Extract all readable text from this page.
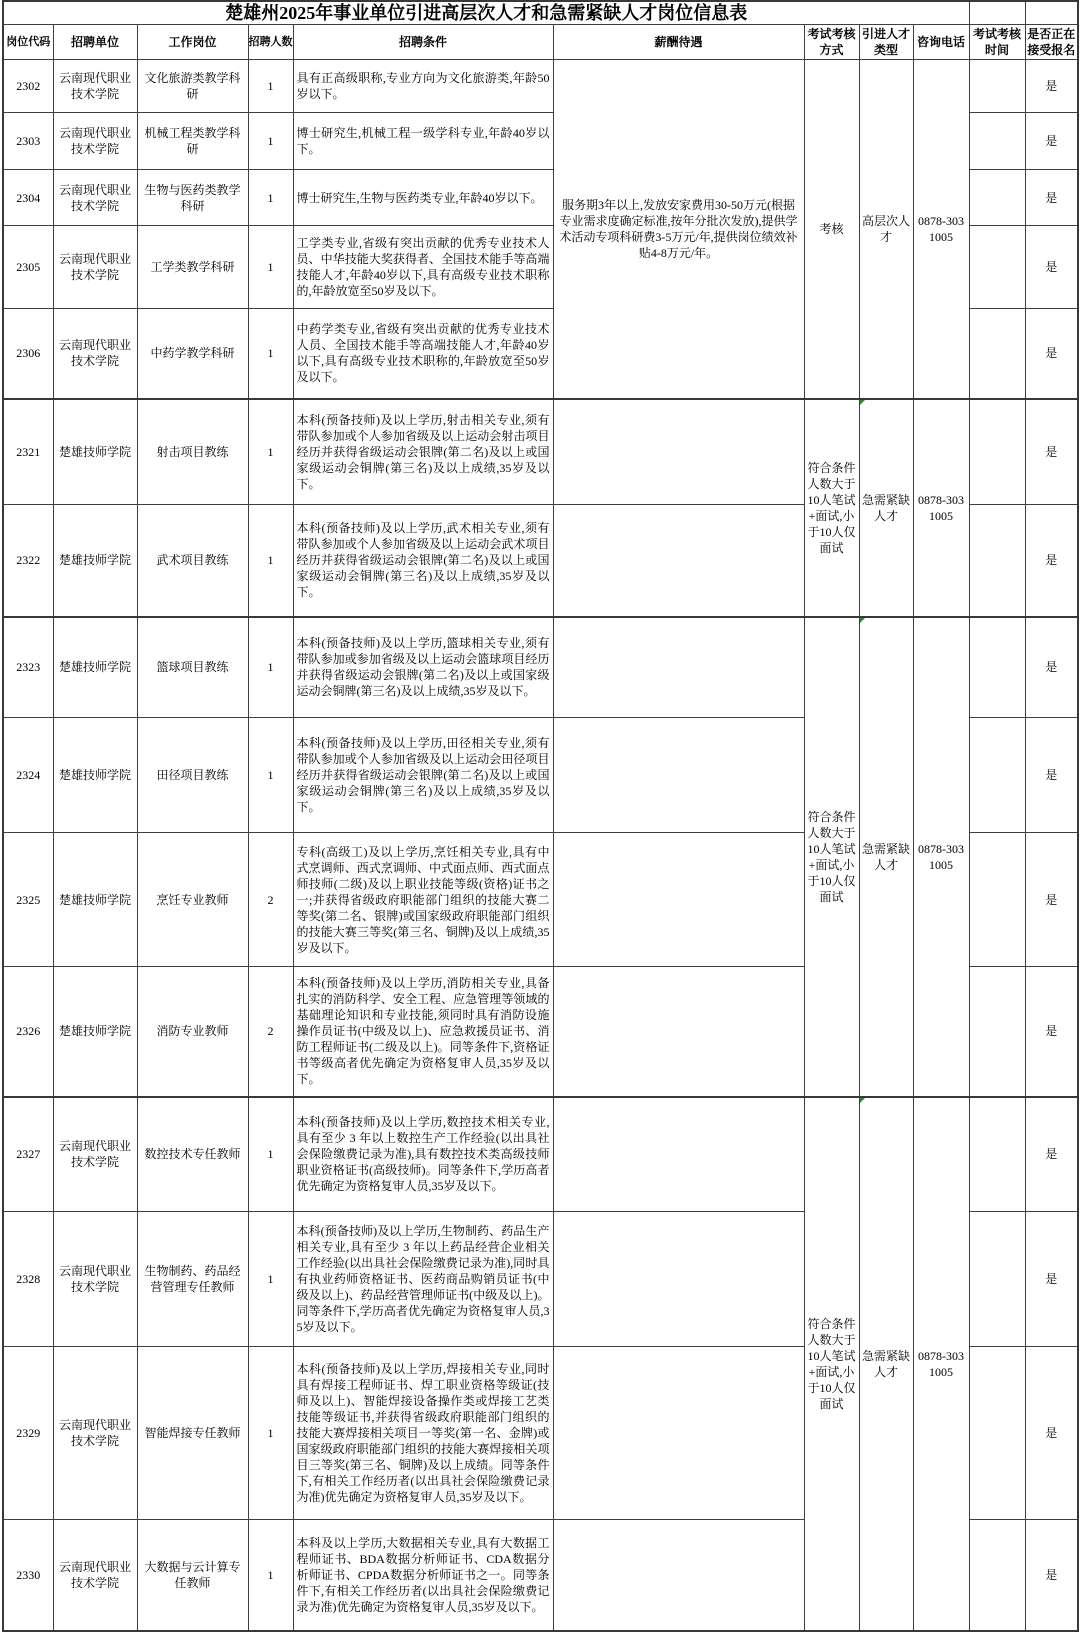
楚雄州2025年事业单位引进高层次人才和急需紧缺人才岗位信息表										
岗位代码	招聘单位	工作岗位	招聘人数	招聘条件	薪酬待遇	考试考核方式	引进人才类型	咨询电话	考试考核时间	是否正在接受报名
2302	云南现代职业技术学院	文化旅游类教学科研	1	具有正高级职称,专业方向为文化旅游类,年龄50岁以下。	服务期3年以上,发放安家费用30-50万元(根据专业需求度确定标准,按年分批次发放),提供学术活动专项科研费3-5万元/年,提供岗位绩效补贴4-8万元/年。	考核	高层次人才	0878-3031005		是
2303	云南现代职业技术学院	机械工程类教学科研	1	博士研究生,机械工程一级学科专业,年龄40岁以下。						是
2304	云南现代职业技术学院	生物与医药类教学科研	1	博士研究生,生物与医药类专业,年龄40岁以下。						是
2305	云南现代职业技术学院	工学类教学科研	1	工学类专业,省级有突出贡献的优秀专业技术人员、中华技能大奖获得者、全国技术能手等高端技能人才,年龄40岁以下,具有高级专业技术职称的,年龄放宽至50岁及以下。						是
2306	云南现代职业技术学院	中药学教学科研	1	中药学类专业,省级有突出贡献的优秀专业技术人员、全国技术能手等高端技能人才,年龄40岁以下,具有高级专业技术职称的,年龄放宽至50岁及以下。						是
2321	楚雄技师学院	射击项目教练	1	本科(预备技师)及以上学历,射击相关专业,须有带队参加或个人参加省级及以上运动会射击项目经历并获得省级运动会银牌(第二名)及以上或国家级运动会铜牌(第三名)及以上成绩,35岁及以下。		符合条件人数大于10人笔试+面试,小于10人仅面试	急需紧缺人才	0878-3031005		是
2322	楚雄技师学院	武术项目教练	1	本科(预备技师)及以上学历,武术相关专业,须有带队参加或个人参加省级及以上运动会武术项目经历并获得省级运动会银牌(第二名)及以上或国家级运动会铜牌(第三名)及以上成绩,35岁及以下。						是
2323	楚雄技师学院	篮球项目教练	1	本科(预备技师)及以上学历,篮球相关专业,须有带队参加或参加省级及以上运动会篮球项目经历并获得省级运动会银牌(第二名)及以上或国家级运动会铜牌(第三名)及以上成绩,35岁及以下。		符合条件人数大于10人笔试+面试,小于10人仅面试	急需紧缺人才	0878-3031005		是
2324	楚雄技师学院	田径项目教练	1	本科(预备技师)及以上学历,田径相关专业,须有带队参加或个人参加省级及以上运动会田径项目经历并获得省级运动会银牌(第二名)及以上或国家级运动会铜牌(第三名)及以上成绩,35岁及以下。						是
2325	楚雄技师学院	烹饪专业教师	2	专科(高级工)及以上学历,烹饪相关专业,具有中式烹调师、西式烹调师、中式面点师、西式面点师技师(二级)及以上职业技能等级(资格)证书之一;并获得省级政府职能部门组织的技能大赛二等奖(第二名、银牌)或国家级政府职能部门组织的技能大赛三等奖(第三名、铜牌)及以上成绩,35岁及以下。						是
2326	楚雄技师学院	消防专业教师	2	本科(预备技师)及以上学历,消防相关专业,具备扎实的消防科学、安全工程、应急管理等领域的基础理论知识和专业技能,须同时具有消防设施操作员证书(中级及以上)、应急救援员证书、消防工程师证书(二级及以上)。同等条件下,资格证书等级高者优先确定为资格复审人员,35岁及以下。						是
2327	云南现代职业技术学院	数控技术专任教师	1	本科(预备技师)及以上学历,数控技术相关专业,具有至少 3 年以上数控生产工作经验(以出具社会保险缴费记录为准),具有数控技术类高级技师职业资格证书(高级技师)。同等条件下,学历高者优先确定为资格复审人员,35岁及以下。		符合条件人数大于10人笔试+面试,小于10人仅面试	急需紧缺人才	0878-3031005		是
2328	云南现代职业技术学院	生物制药、药品经营管理专任教师	1	本科(预备技师)及以上学历,生物制药、药品生产相关专业,具有至少 3 年以上药品经营企业相关工作经验(以出具社会保险缴费记录为准),同时具有执业药师资格证书、医药商品购销员证书(中级及以上)、药品经营管理师证书(中级及以上)。同等条件下,学历高者优先确定为资格复审人员,35岁及以下。						是
2329	云南现代职业技术学院	智能焊接专任教师	1	本科(预备技师)及以上学历,焊接相关专业,同时具有焊接工程师证书、焊工职业资格等级证(技师及以上)、智能焊接设备操作类或焊接工艺类技能等级证书,并获得省级政府职能部门组织的技能大赛焊接相关项目一等奖(第一名、金牌)或国家级政府职能部门组织的技能大赛焊接相关项目三等奖(第三名、铜牌)及以上成绩。同等条件下,有相关工作经历者(以出具社会保险缴费记录为准)优先确定为资格复审人员,35岁及以下。						是
2330	云南现代职业技术学院	大数据与云计算专任教师	1	本科及以上学历,大数据相关专业,具有大数据工程师证书、BDA数据分析师证书、CDA数据分析师证书、CPDA数据分析师证书之一。同等条件下,有相关工作经历者(以出具社会保险缴费记录为准)优先确定为资格复审人员,35岁及以下。						是
